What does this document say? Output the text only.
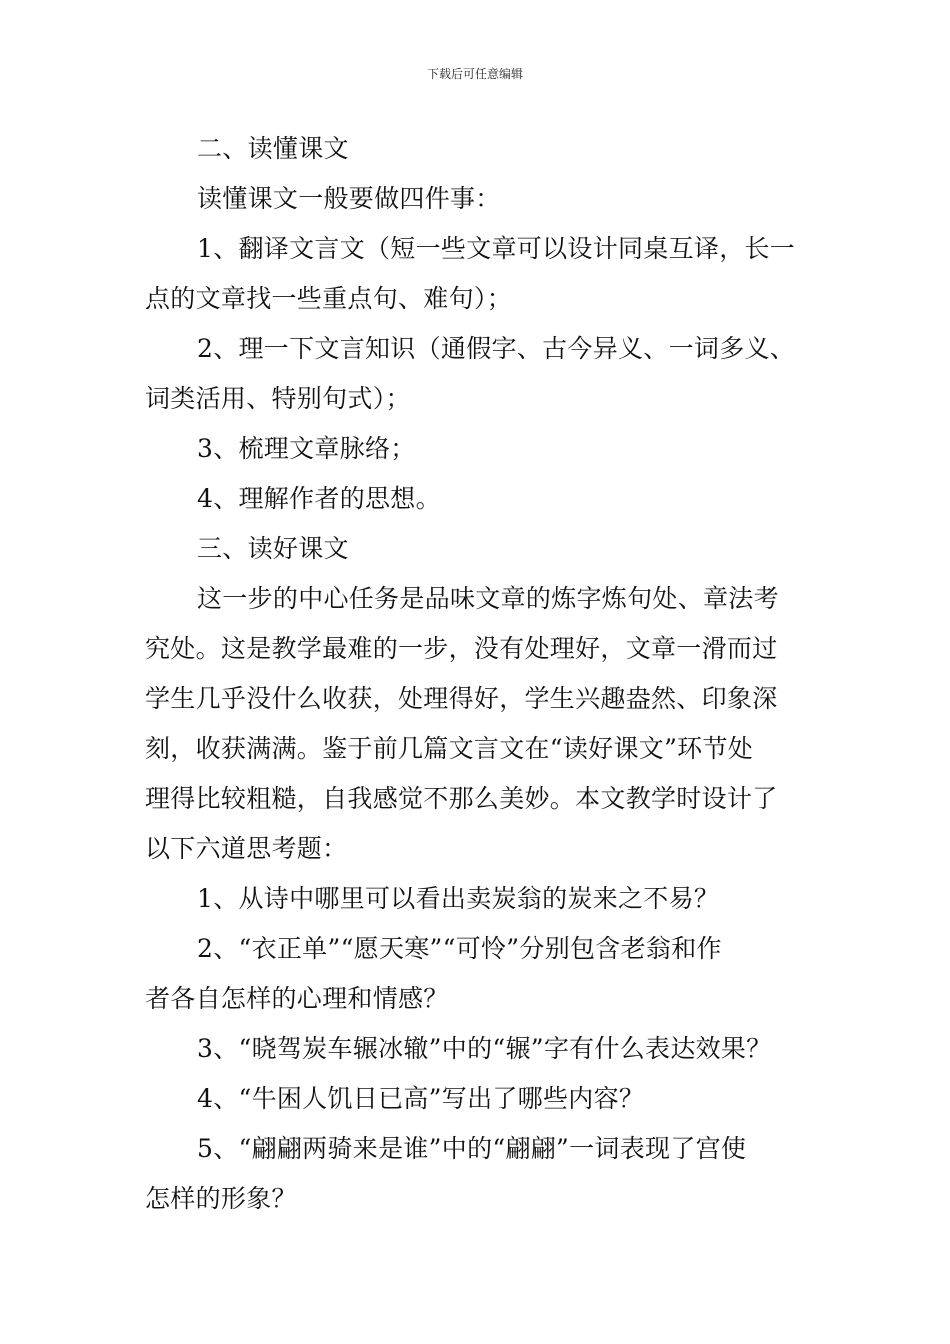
下载后可任意编辑
二、读懂课文
读懂课文一般要做四件事：
1、翻译文言文（短一些文章可以设计同桌互译，长一
点的文章找一些重点句、难句）；
2、理一下文言知识（通假字、古今异义、一词多义、
词类活用、特别句式）；
3、梳理文章脉络；
4、理解作者的思想。
三、读好课文
这一步的中心任务是品味文章的炼字炼句处、章法考
究处。这是教学最难的一步，没有处理好，文章一滑而过
学生几乎没什么收获，处理得好，学生兴趣盎然、印象深
刻，收获满满。鉴于前几篇文言文在“读好课文”环节处
理得比较粗糙，自我感觉不那么美妙。本文教学时设计了
以下六道思考题：
1、从诗中哪里可以看出卖炭翁的炭来之不易？
2、“衣正单”“愿天寒”“可怜”分别包含老翁和作
者各自怎样的心理和情感？
3、“晓驾炭车辗冰辙”中的“辗”字有什么表达效果？
4、“牛困人饥日已高”写出了哪些内容？
5、“翩翩两骑来是谁”中的“翩翩”一词表现了宫使
怎样的形象？
